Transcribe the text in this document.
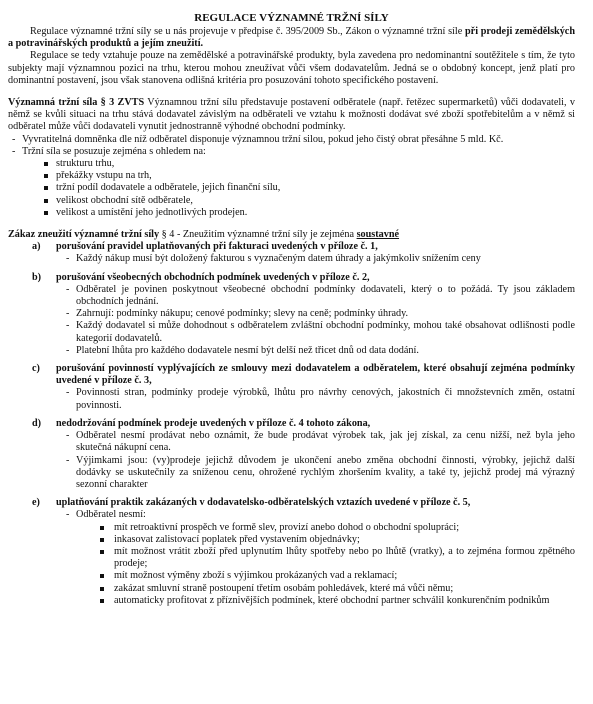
REGULACE VÝZNAMNÉ TRŽNÍ SÍLY

Regulace významné tržní síly se u nás projevuje v předpise č. 395/2009 Sb., Zákon o významné tržní síle při prodeji zemědělských a potravinářských produktů a jejím zneužití.

Regulace se tedy vztahuje pouze na zemědělské a potravinářské produkty, byla zavedena pro nedominantní soutěžitele s tím, že tyto subjekty mají významnou pozici na trhu, kterou mohou zneužívat vůči všem dodavatelům. Jedná se o obdobný koncept, jenž platí pro dominantní postavení, jsou však stanovena odlišná kritéria pro posuzování tohoto specifického postavení.

Významná tržní síla § 3 ZVTS Významnou tržní sílu představuje postavení odběratele (např. řetězec supermarketů) vůči dodavateli, v němž se kvůli situaci na trhu stává dodavatel závislým na odběrateli ve vztahu k možnosti dodávat své zboží spotřebitelům a v němž si odběratel může vůči dodavateli vynutit jednostranně výhodné obchodní podmínky.

- Vyvratitelná domněnka dle níž odběratel disponuje významnou tržní silou, pokud jeho čistý obrat přesáhne 5 mld. Kč.

- Tržní síla se posuzuje zejména s ohledem na:

strukturu trhu,

překážky vstupu na trh,

tržní podíl dodavatele a odběratele, jejich finanční sílu,

velikost obchodní sítě odběratele,

velikost a umístění jeho jednotlivých prodejen.

Zákaz zneužití významné tržní síly § 4 - Zneužitím významné tržní síly je zejména soustavné

a)	porušování pravidel uplatňovaných při fakturaci uvedených v příloze č. 1,

- Každý nákup musí být doložený fakturou s vyznačeným datem úhrady a jakýmkoliv snížením ceny

b)	porušování všeobecných obchodních podmínek uvedených v příloze č. 2,

- Odběratel je povinen poskytnout všeobecné obchodní podmínky dodavateli, který o to požádá. Ty jsou základem obchodních jednání.

- Zahrnují: podmínky nákupu; cenové podmínky; slevy na ceně; podmínky úhrady.

- Každý dodavatel si může dohodnout s odběratelem zvláštní obchodní podmínky, mohou také obsahovat odlišnosti podle kategorií dodavatelů.

- Platební lhůta pro každého dodavatele nesmí být delší než třicet dnů od data dodání.

c)	porušování povinností vyplývajících ze smlouvy mezi dodavatelem a odběratelem, které obsahují zejména podmínky uvedené v příloze č. 3,

- Povinnosti stran, podmínky prodeje výrobků, lhůtu pro návrhy cenových, jakostních či množstevních změn, ostatní povinnosti.

d)	nedodržování podmínek prodeje uvedených v příloze č. 4 tohoto zákona,

- Odběratel nesmí prodávat nebo oznámit, že bude prodávat výrobek tak, jak jej získal, za cenu nižší, než byla jeho skutečná nákupní cena.

- Výjimkami jsou: (vy)prodeje jejichž důvodem je ukončení anebo změna obchodní činnosti, výrobky, jejichž další dodávky se uskutečnily za sníženou cenu, ohrožené rychlým zhoršením kvality, a také ty, jejichž prodej má výrazný sezonní charakter

e)	uplatňování praktik zakázaných v dodavatelsko-odběratelských vztazích uvedené v příloze č. 5,

- Odběratel nesmí:

mít retroaktivní prospěch ve formě slev, provizí anebo dohod o obchodní spolupráci;

inkasovat zalistovací poplatek před vystavením objednávky;

mít možnost vrátit zboží před uplynutím lhůty spotřeby nebo po lhůtě (vratky), a to zejména formou zpětného prodeje;

mít možnost výměny zboží s výjimkou prokázaných vad a reklamací;

zakázat smluvní straně postoupení třetím osobám pohledávek, které má vůči němu;

automaticky profitovat z příznivějších podmínek, které obchodní partner schválil konkurenčním podnikům
